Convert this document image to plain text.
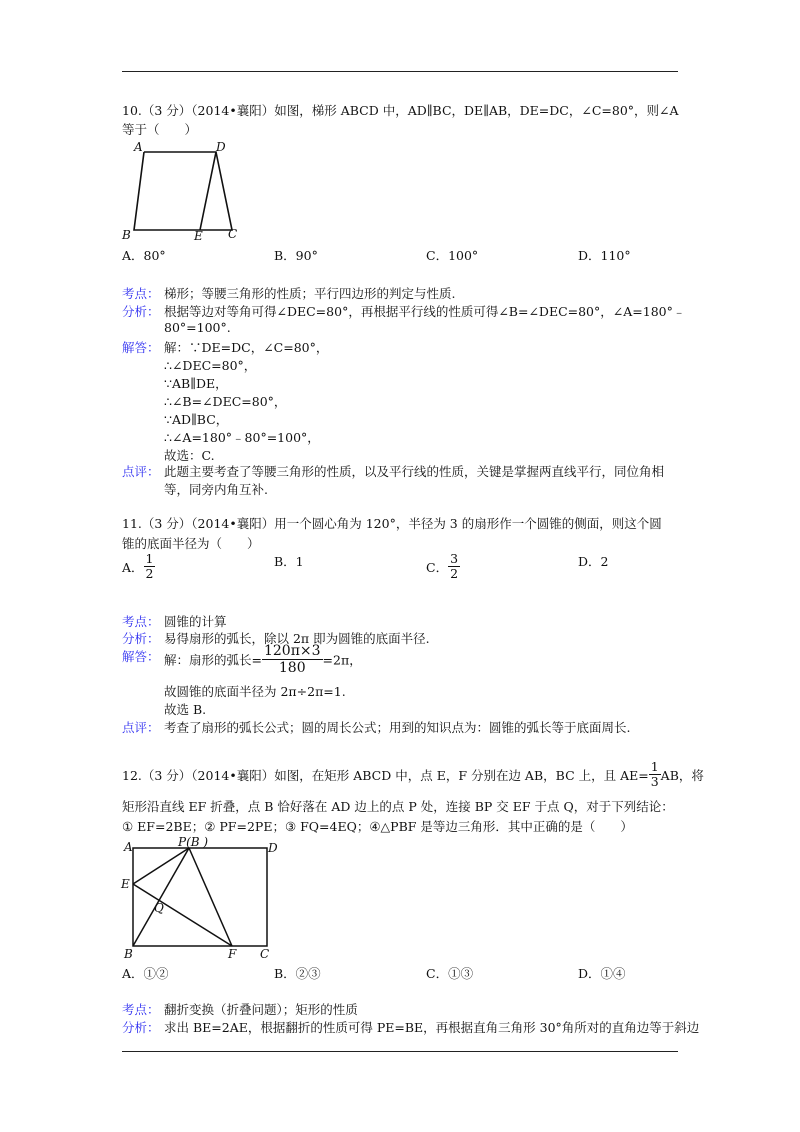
10.（3 分）（2014•襄阳）如图，梯形 ABCD 中，AD∥BC，DE∥AB，DE=DC，∠C=80°，则∠A
等于（　　）
A	D
B	E C
A．80°	B．90°	C．100°	D．110°
考点： 梯形；等腰三角形的性质；平行四边形的判定与性质.
分析： 根据等边对等角可得∠DEC=80°，再根据平行线的性质可得∠B=∠DEC=80°，∠A=180°﹣
80°=100°.
解答： 解：∵DE=DC，∠C=80°，
∴∠DEC=80°，
∵AB∥DE，
∴∠B=∠DEC=80°，
∵AD∥BC，
∴∠A=180°﹣80°=100°，
故选：C.
点评： 此题主要考查了等腰三角形的性质，以及平行线的性质，关键是掌握两直线平行，同位角相
等，同旁内角互补.
11.（3 分）（2014•襄阳）用一个圆心角为 120°，半径为 3 的扇形作一个圆锥的侧面，则这个圆
锥的底面半径为（　　）
A． $\frac{1}{2}$	B．1	C． $\frac{3}{2}$	D．2
考点： 圆锥的计算
分析： 易得扇形的弧长，除以 2π 即为圆锥的底面半径.
解答： 解：扇形的弧长= $\frac{120\pi\times 3}{180} =2\pi$，
故圆锥的底面半径为 2π÷2π=1.
故选 B.
点评： 考查了扇形的弧长公式；圆的周长公式；用到的知识点为：圆锥的弧长等于底面周长.
12.（3 分）（2014•襄阳）如图，在矩形 ABCD 中，点 E，F 分别在边 AB，BC 上，且 $AE= \frac{1}{3}$ AB，将
矩形沿直线 EF 折叠，点 B 恰好落在 AD 边上的点 P 处，连接 BP 交 EF 于点 Q，对于下列结论：
① EF=2BE；② PF=2PE；③ FQ=4EQ；④△PBF 是等边三角形．其中正确的是（　　）
A	P(B )	D
E
Q
B	F C
A．①②	B．②③	C．①③	D．①④
考点： 翻折变换（折叠问题）；矩形的性质
分析： 求出 BE=2AE，根据翻折的性质可得 PE=BE，再根据直角三角形 30°角所对的直角边等于斜边
